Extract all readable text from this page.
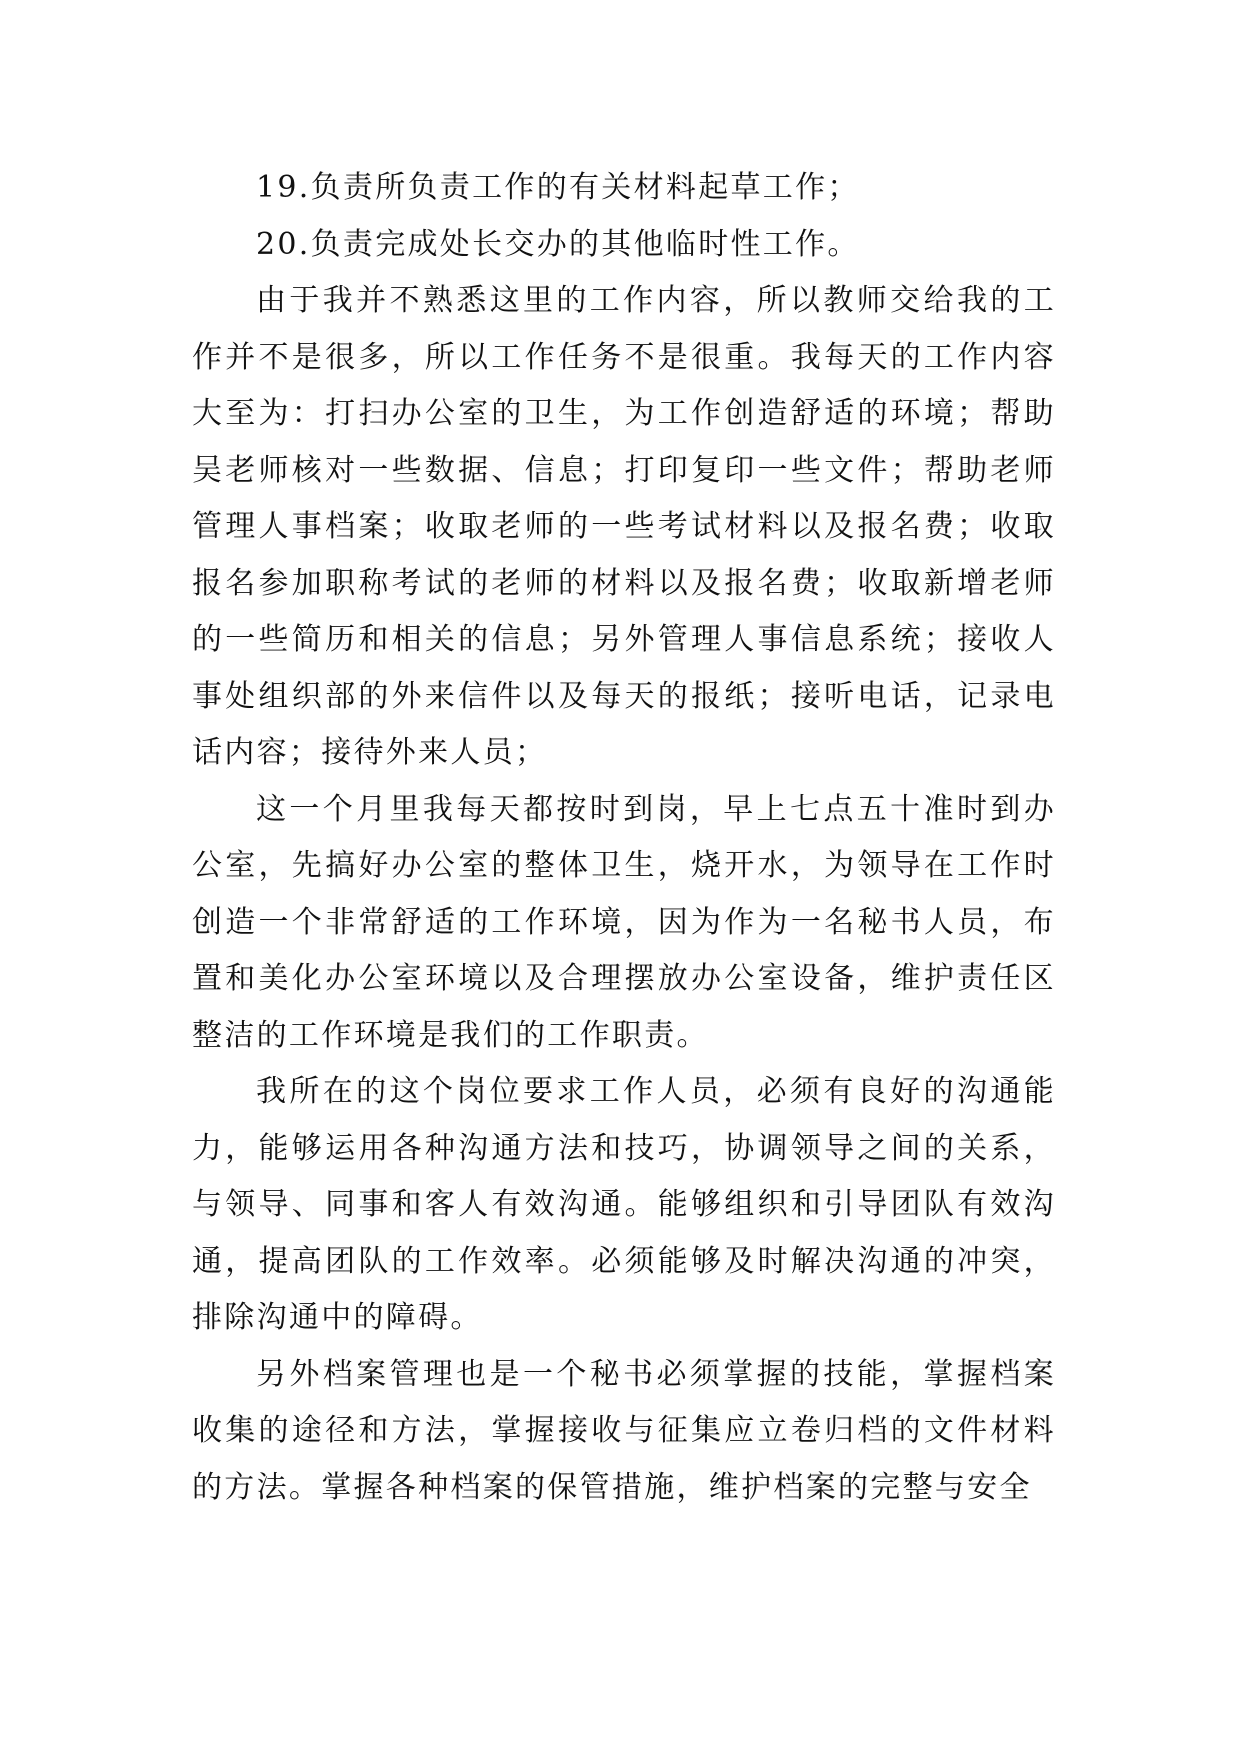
19.负责所负责工作的有关材料起草工作；

20.负责完成处长交办的其他临时性工作。

由于我并不熟悉这里的工作内容，所以教师交给我的工作并不是很多，所以工作任务不是很重。我每天的工作内容大至为：打扫办公室的卫生，为工作创造舒适的环境；帮助吴老师核对一些数据、信息；打印复印一些文件；帮助老师管理人事档案；收取老师的一些考试材料以及报名费；收取报名参加职称考试的老师的材料以及报名费；收取新增老师的一些简历和相关的信息；另外管理人事信息系统；接收人事处组织部的外来信件以及每天的报纸；接听电话，记录电话内容；接待外来人员；

这一个月里我每天都按时到岗，早上七点五十准时到办公室，先搞好办公室的整体卫生，烧开水，为领导在工作时创造一个非常舒适的工作环境，因为作为一名秘书人员，布置和美化办公室环境以及合理摆放办公室设备，维护责任区整洁的工作环境是我们的工作职责。

我所在的这个岗位要求工作人员，必须有良好的沟通能力，能够运用各种沟通方法和技巧，协调领导之间的关系，与领导、同事和客人有效沟通。能够组织和引导团队有效沟通，提高团队的工作效率。必须能够及时解决沟通的冲突，排除沟通中的障碍。

另外档案管理也是一个秘书必须掌握的技能，掌握档案收集的途径和方法，掌握接收与征集应立卷归档的文件材料的方法。掌握各种档案的保管措施，维护档案的完整与安全
